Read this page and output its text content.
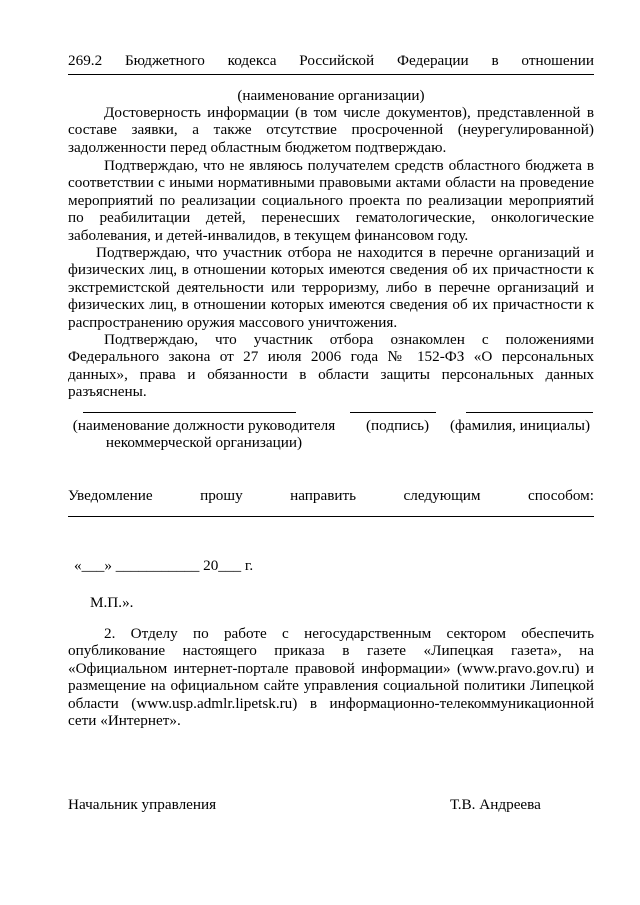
269.2 Бюджетного кодекса Российской Федерации в отношении

(наименование организации)

Достоверность информации (в том числе документов), представленной в составе заявки, а также отсутствие просроченной (неурегулированной) задолженности перед областным бюджетом подтверждаю.

Подтверждаю, что не являюсь получателем средств областного бюджета в соответствии с иными нормативными правовыми актами области на проведение мероприятий по реализации социального проекта по реализации мероприятий по реабилитации детей, перенесших гематологические, онкологические заболевания, и детей-инвалидов, в текущем финансовом году.

Подтверждаю, что участник отбора не находится в перечне организаций и физических лиц, в отношении которых имеются сведения об их причастности к экстремистской деятельности или терроризму, либо в перечне организаций и физических лиц, в отношении которых имеются сведения об их причастности к распространению оружия массового уничтожения.

Подтверждаю, что участник отбора ознакомлен с положениями Федерального закона от 27 июля 2006 года № 152-ФЗ «О персональных данных», права и обязанности в области защиты персональных данных разъяснены.

(наименование должности руководителя некоммерческой организации)

(подпись) (фамилия, инициалы)

Уведомление прошу направить следующим способом:

«___» ___________ 20___ г.

М.П.».

2. Отделу по работе с негосударственным сектором обеспечить опубликование настоящего приказа в газете «Липецкая газета», на «Официальном интернет-портале правовой информации» (www.pravo.gov.ru) и размещение на официальном сайте управления социальной политики Липецкой области (www.usp.admlr.lipetsk.ru) в информационно-телекоммуникационной сети «Интернет».

Начальник управления	Т.В. Андреева
